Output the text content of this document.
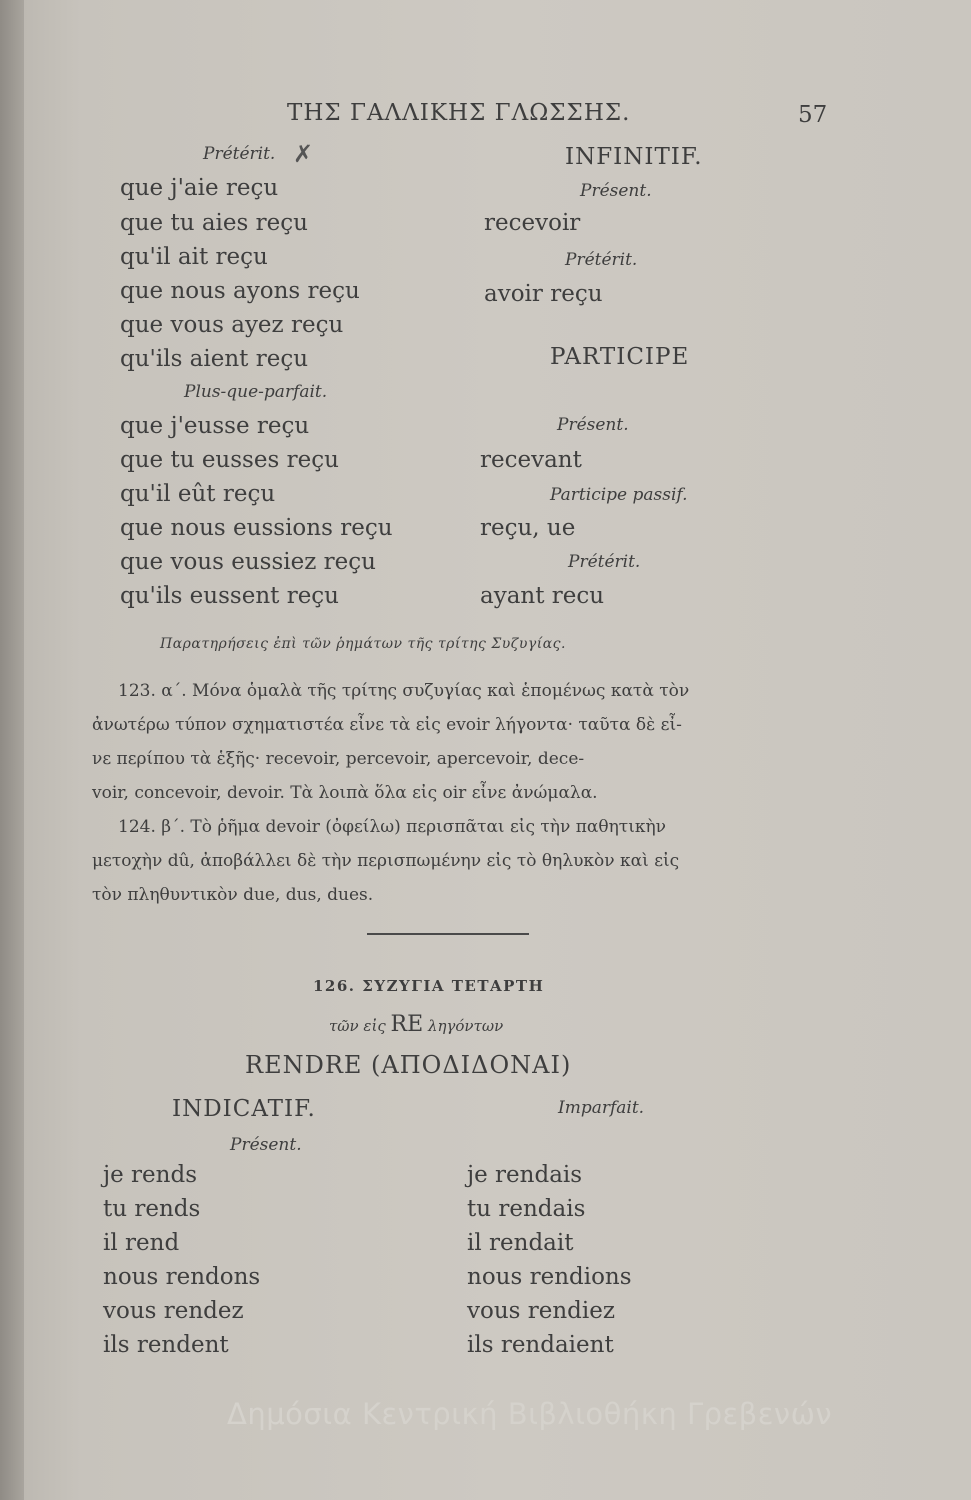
ΤΗΣ ΓΑΛΛΙΚΗΣ ΓΛΩΣΣΗΣ.	57
Prétérit. ✗
que j'aie reçu
que tu aies reçu
qu'il ait reçu
que nous ayons reçu
que vous ayez reçu
qu'ils aient reçu
Plus-que-parfait.
que j'eusse reçu
que tu eusses reçu
qu'il eût reçu
que nous eussions reçu
que vous eussiez reçu
qu'ils eussent reçu
INFINITIF.
Présent.
recevoir
Prétérit.
avoir reçu
PARTICIPE
Présent.
recevant
Participe passif.
reçu, ue
Prétérit.
ayant recu
Παρατηρήσεις ἐπὶ τῶν ῥημάτων τῆς τρίτης Συζυγίας.
123. α΄. Μόνα ὁμαλὰ τῆς τρίτης συζυγίας καὶ ἑπομένως κατὰ τὸν
ἀνωτέρω τύπον σχηματιστέα εἶνε τὰ εἰς evoir λήγοντα· ταῦτα δὲ εἶ-
νε περίπου τὰ ἑξῆς· recevoir, percevoir, apercevoir, dece-
voir, concevoir, devoir. Τὰ λοιπὰ ὅλα εἰς oir εἶνε ἀνώμαλα.
124. β΄. Τὸ ῥῆμα devoir (ὀφείλω) περισπᾶται εἰς τὴν παθητικὴν
μετοχὴν dû, ἀποβάλλει δὲ τὴν περισπωμένην εἰς τὸ θηλυκὸν καὶ εἰς
τὸν πληθυντικὸν due, dus, dues.
126. ΣΥΖΥΓΙΑ ΤΕΤΑΡΤΗ
τῶν εἰς RE ληγόντων
RENDRE (ΑΠΟΔΙΔΟΝΑΙ)
INDICATIF.	Imparfait.
Présent.
je rends
tu rends
il rend
nous rendons
vous rendez
ils rendent
je rendais
tu rendais
il rendait
nous rendions
vous rendiez
ils rendaient
Δημόσια Κεντρική Βιβλιοθήκη Γρεβενών
